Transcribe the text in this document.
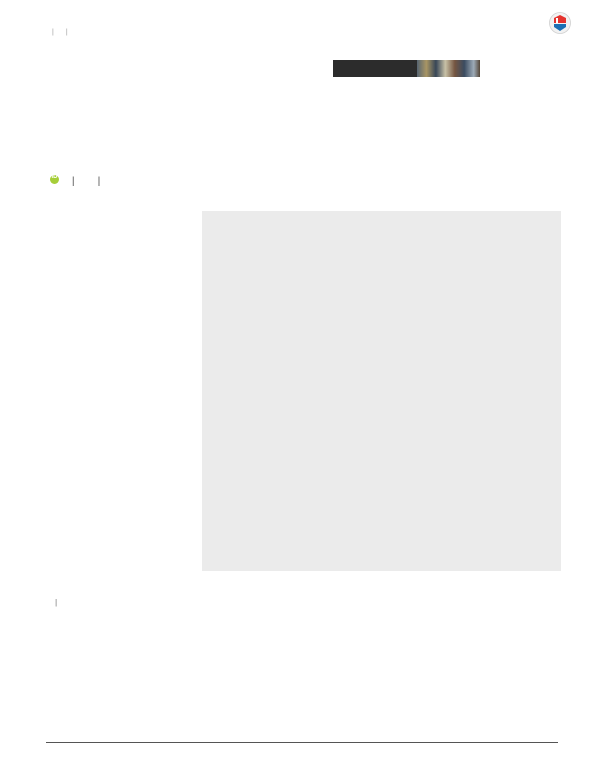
| |
iD | |

|
